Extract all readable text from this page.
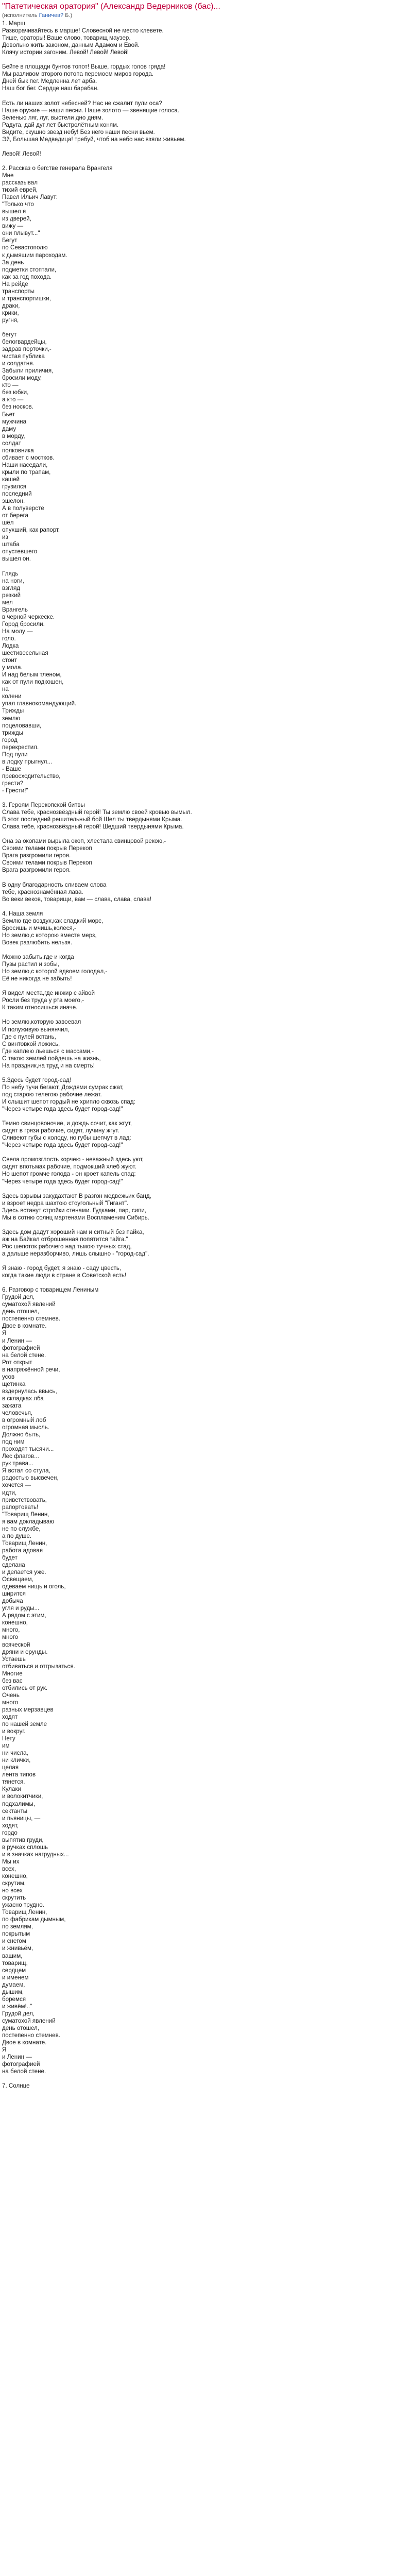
"Патетическая оратория" (Александр Ведерников (бас)...
(исполнитель Ганичев? Б.)
1. Марш
Разворачивайтесь в марше! Словесной не место клевете.
Тише, ораторы! Ваше слово, товарищ маузер.
Довольно жить законом, данным Адамом и Евой.
Клячу истории загоним. Левой! Левой! Левой!

Бейте в площади бунтов топот! Выше, гордых голов гряда!
Мы разливом второго потопа перемоем миров города.
Дней бык пег. Медленна лет арба.
Наш бог бег. Сердце наш барабан.

Есть ли наших золот небесней? Нас не сжалит пули оса?
Наше оружие — наши песни. Наше золото — звенящие голоса.
Зеленью ляг, луг, выстели дно дням.
Радуга, дай дуг лет быстролётным коням.
Видите, скушно звезд небу! Без него наши песни вьем.
Эй, Большая Медведица! требуй, чтоб на небо нас взяли живьем.

Левой! Левой!

2. Рассказ о бегстве генерала Врангеля
Мне
рассказывал
тихий еврей,
Павел Ильич Лавут:
"Только что
вышел я
из дверей,
вижу —
они плывут..."
Бегут
по Севастополю
к дымящим пароходам.
За день
подметки стоптали,
как за год похода.
На рейде
транспорты
и транспортишки,
драки,
крики,
ругня,

бегут
белогвардейцы,
задрав порточки,-
чистая публика
и солдатня.
Забыли приличия,
бросили моду,
кто —
без юбки,
а кто —
без носков.
Бьет
мужчина
даму
в морду,
солдат
полковника
сбивает с мостков.
Наши наседали,
крыли по трапам,
кашей
грузился
последний
эшелон.
А в полуверсте
от берега
шёл
опухший, как рапорт,
из
штаба
опустевшего
вышел он.

Глядь
на ноги,
взгляд
резкий
мел
Врангель
в черной черкеске.
Город бросили.
На молу —
голо.
Лодка
шестивесельная
стоит
у мола.
И над белым тленом,
как от пули подкошен,
на
колени
упал главнокомандующий.
Трижды
землю
поцеловавши,
трижды
город
перекрестил.
Под пули
в лодку прыгнул...
- Ваше
превосходительство,
грести?
- Грести!"

3. Героям Перекопской битвы
Слава тебе, краснозвёздный герой! Ты землю своей кровью вымыл.
В этот последний решительный бой Шел ты твердынями Крыма.
Слава тебе, краснозвёздный герой! Шедший твердынями Крыма.

Она за окопами вырыла окоп, хлестала свинцовой рекою,-
Своими телами покрыв Перекоп
Врага разгромили героя.
Своими телами покрыв Перекоп
Врага разгромили героя.

В одну благодарность сливаем слова
тебе, краснознамённая лава.
Во веки веков, товарищи, вам — слава, слава, слава!

4. Наша земля
Землю где воздух,как сладкий морс,
Бросишь и мчишь,колеся,-
Но землю,с которою вместе мерз,
Вовек разлюбить нельзя.

Можно забыть,где и когда
Пузы растил и зобы,
Но землю,с которой вдвоем голодал,-
Её не никогда не забыть!

Я видел места,где инжир с айвой
Росли без труда у рта моего,-
К таким относишься иначе.

Но землю,которую завоевал
И полуживую вынянчил,
Где с пулей встань,
С винтовкой ложись,
Где каплею льешься с массами,-
С такою землей пойдешь на жизнь,
На праздник,на труд и на смерть!

5.Здесь будет город-сад!
По небу тучи бегают, Дождями сумрак сжат,
под старою телегою рабочие лежат.
И слышит шепот гордый не хрипло сквозь спад:
"Через четыре года здесь будет город-сад!"

Темно свинцовоночие, и дождь сочит, как жгут,
сидят в грязи рабочие, сидят, лучину жгут.
Сливеют губы с холоду, но губы шепчут в лад:
"Через четыре года здесь будет город-сад!"

Свела промозглость корчею - неважный здесь уют,
сидят впотьмах рабочие, подмокший хлеб жуют.
Но шепот громче голода - он кроет капель спад:
"Через четыре года здесь будет город-сад!"

Здесь взрывы закудахтают В разгон медвежьих банд,
и взроет недра шахтою стоугольный "Гигант".
Здесь встанут стройки стенами. Гудками, пар, сипи,
Мы в сотню солнц мартенами Воспламеним Сибирь.

Здесь дом дадут хороший нам и ситный без пайка,
аж на Байкал отброшенная попятится тайга."
Рос шепоток рабочего над тьмою тучных стад,
а дальше неразборчиво, лишь слышно - "город-сад".

Я знаю - город будет, я знаю - саду цвесть,
когда такие люди в стране в Советской есть!

6. Разговор с товарищем Лениным
Грудой дел,
суматохой явлений
день отошел,
постепенно стемнев.
Двое в комнате.
Я
и Ленин —
фотографией
на белой стене.
Рот открыт
в напряжённой речи,
усов
щетинка
вздернулась ввысь,
в складках лба
зажата
человечья,
в огромный лоб
огромная мысль.
Должно быть,
под ним
проходят тысячи...
Лес флагов...
рук трава...
Я встал со стула,
радостью высвечен,
хочется —
идти,
приветствовать,
рапортовать!
"Товарищ Ленин,
я вам докладываю
не по службе,
а по душе.
Товарищ Ленин,
работа адовая
будет
сделана
и делается уже.
Освещаем,
одеваем нищь и оголь,
ширится
добыча
угля и руды...
А рядом с этим,
конешно,
много,
много
всяческой
дряни и ерунды.
Устаешь
отбиваться и отгрызаться.
Многие
без вас
отбились от рук.
Очень
много
разных мерзавцев
ходят
по нашей земле
и вокруг.
Нету
им
ни числа,
ни клички,
целая
лента типов
тянется.
Кулаки
и волокитчики,
подхалимы,
сектанты
и пьяницы, —
ходят,
гордо
выпятив груди,
в ручках сплошь
и в значках нагрудных...
Мы их
всех,
конешно,
скрутим,
но всех
скрутить
ужасно трудно.
Товарищ Ленин,
по фабрикам дымным,
по землям,
покрытым
и снегом
и жнивьём,
вашим,
товарищ,
сердцем
и именем
думаем,
дышим,
боремся
и живём!.."
Грудой дел,
суматохой явлений
день отошел,
постепенно стемнев.
Двое в комнате.
Я
и Ленин —
фотографией
на белой стене.

7. Солнце
